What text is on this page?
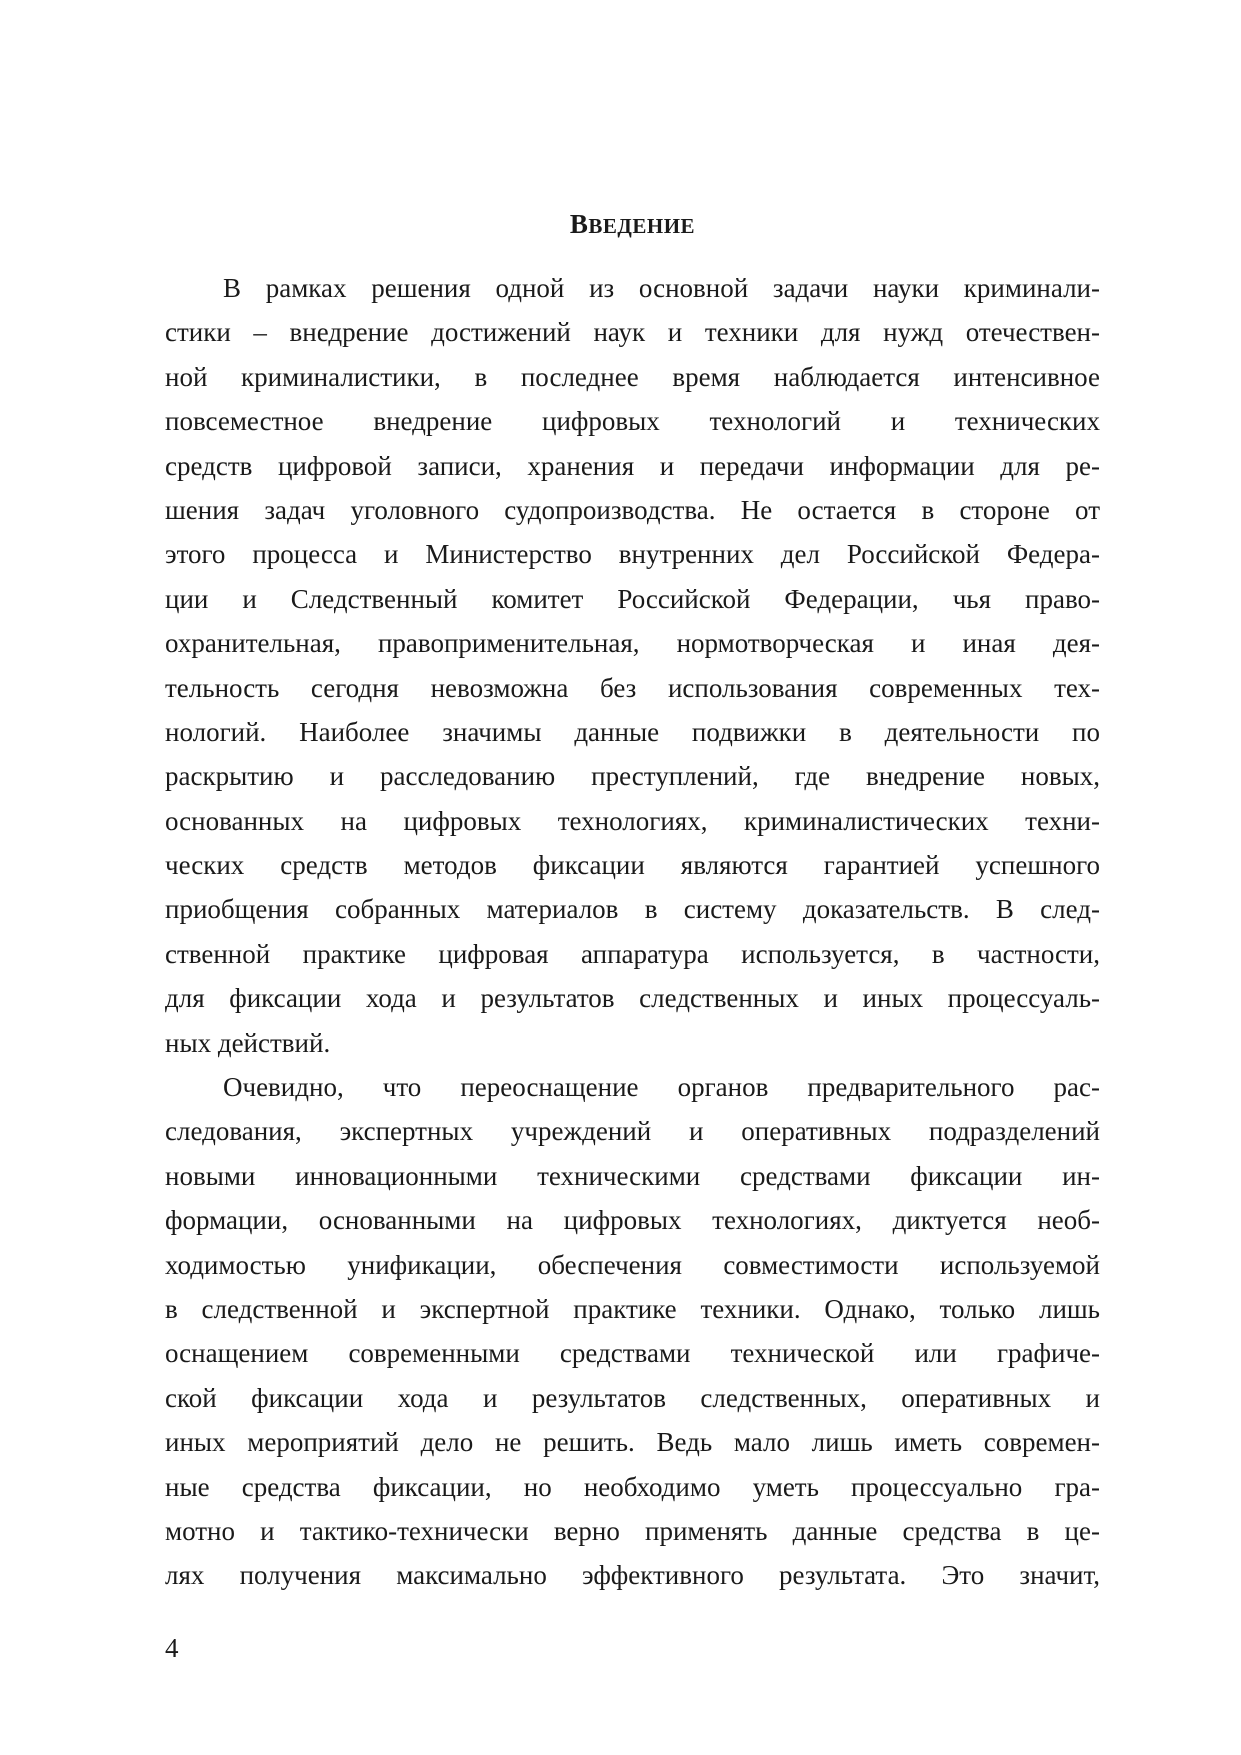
ВВЕДЕНИЕ
В рамках решения одной из основной задачи науки криминали-
стики – внедрение достижений наук и техники для нужд отечествен-
ной криминалистики, в последнее время наблюдается интенсивное
повсеместное внедрение цифровых технологий и технических
средств цифровой записи, хранения и передачи информации для ре-
шения задач уголовного судопроизводства. Не остается в стороне от
этого процесса и Министерство внутренних дел Российской Федера-
ции и Следственный комитет Российской Федерации, чья право-
охранительная, правоприменительная, нормотворческая и иная дея-
тельность сегодня невозможна без использования современных тех-
нологий. Наиболее значимы данные подвижки в деятельности по
раскрытию и расследованию преступлений, где внедрение новых,
основанных на цифровых технологиях, криминалистических техни-
ческих средств методов фиксации являются гарантией успешного
приобщения собранных материалов в систему доказательств. В след-
ственной практике цифровая аппаратура используется, в частности,
для фиксации хода и результатов следственных и иных процессуаль-
ных действий.
Очевидно, что переоснащение органов предварительного рас-
следования, экспертных учреждений и оперативных подразделений
новыми инновационными техническими средствами фиксации ин-
формации, основанными на цифровых технологиях, диктуется необ-
ходимостью унификации, обеспечения совместимости используемой
в следственной и экспертной практике техники. Однако, только лишь
оснащением современными средствами технической или графиче-
ской фиксации хода и результатов следственных, оперативных и
иных мероприятий дело не решить. Ведь мало лишь иметь современ-
ные средства фиксации, но необходимо уметь процессуально гра-
мотно и тактико-технически верно применять данные средства в це-
лях получения максимально эффективного результата. Это значит,

4
